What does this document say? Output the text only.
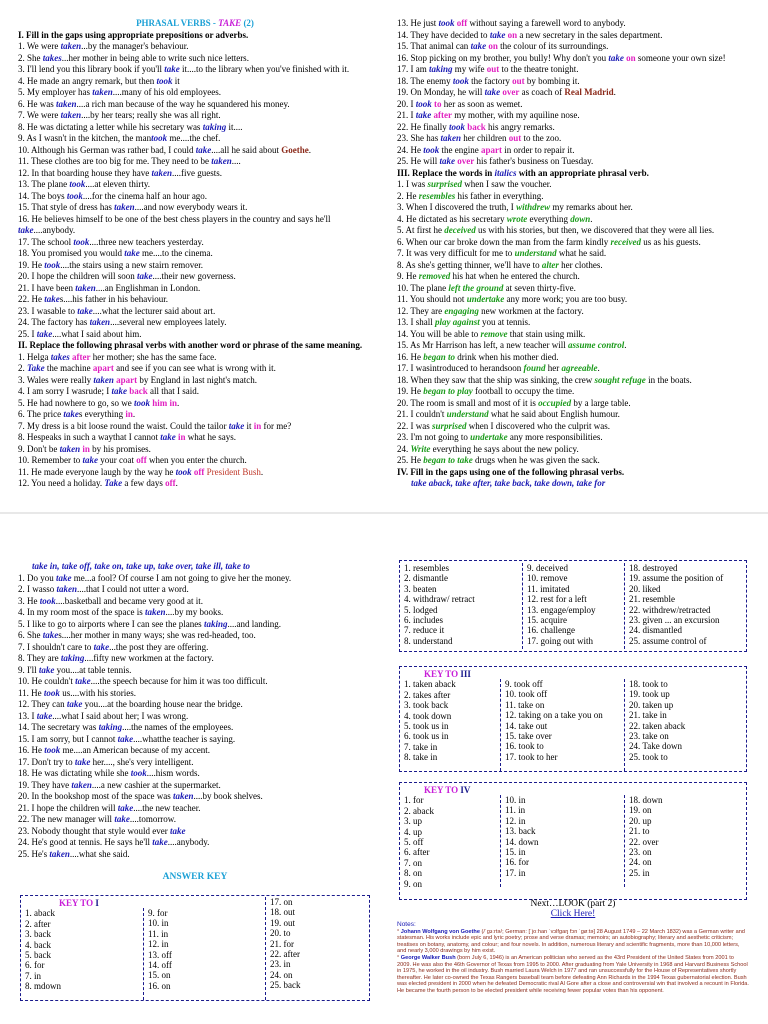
PHRASAL VERBS - TAKE (2)

I. Fill in the gaps using appropriate prepositions or adverbs.

1. We were taken...by the manager's behaviour.

2. She takes...her mother in being able to write such nice letters.

3. I'll lend you this library book if you'll take it....to the library when you've finished with it.

4. He made an angry remark, but then took it

5. My employer has taken....many of his old employees.

6. He was taken....a rich man because of the way he squandered his money.

7. We were taken....by her tears; really she was all right.

8. He was dictating a letter while his secretary was taking it....

9. As I wasn't in the kitchen, the mantook me....the chef.

10. Although his German was rather bad, I could take....all he said about Goethe.

11. These clothes are too big for me. They need to be taken....

12. In that boarding house they have taken....five guests.

13. The plane took....at eleven thirty.

14. The boys took....for the cinema half an hour ago.

15. That style of dress has taken....and now everybody wears it.

16. He believes himself to be one of the best chess players in the country and says he'll take....anybody.

17. The school took....three new teachers yesterday.

18. You promised you would take me....to the cinema.

19. He took....the stairs using a new stairn remover.

20. I hope the children will soon take....their new governess.

21. I have been taken....an Englishman in London.

22. He takes....his father in his behaviour.

23. I wasable to take....what the lecturer said about art.

24. The factory has taken....several new employees lately.

25. I take....what I said about him.

II. Replace the following phrasal verbs with another word or phrase of the same meaning.

1. Helga takes after her mother; she has the same face.

2. Take the machine apart and see if you can see what is wrong with it.

3. Wales were really taken apart by England in last night's match.

4. I am sorry I wasrude; I take back all that I said.

5. He had nowhere to go, so we took him in.

6. The price takes everything in.

7. My dress is a bit loose round the waist. Could the tailor take it in for me?

8. Hespeaks in such a waythat I cannot take in what he says.

9. Don't be taken in by his promises.

10. Remember to take your coat off when you enter the church.

11. He made everyone laugh by the way he took off President Bush.

12. You need a holiday. Take a few days off.

13. He just took off without saying a farewell word to anybody.

14. They have decided to take on a new secretary in the sales department.

15. That animal can take on the colour of its surroundings.

16. Stop picking on my brother, you bully! Why don't you take on someone your own size!

17. I am taking my wife out to the theatre tonight.

18. The enemy took the factory out by bombing it.

19. On Monday, he will take over as coach of Real Madrid.

20. I took to her as soon as wemet.

21. I take after my mother, with my aquiline nose.

22. He finally took back his angry remarks.

23. She has taken her children out to the zoo.

24. He took the engine apart in order to repair it.

25. He will take over his father's business on Tuesday.

III. Replace the words in italics with an appropriate phrasal verb.

1. I was surprised when I saw the voucher.

2. He resembles his father in everything.

3. When I discovered the truth, I withdrew my remarks about her.

4. He dictated as his secretary wrote everything down.

5. At first he deceived us with his stories, but then, we discovered that they were all lies.

6. When our car broke down the man from the farm kindly received us as his guests.

7. It was very difficult for me to understand what he said.

8. As she's getting thinner, we'll have to alter her clothes.

9. He removed his hat when he entered the church.

10. The plane left the ground at seven thirty-five.

11. You should not undertake any more work; you are too busy.

12. They are engaging new workmen at the factory.

13. I shall play against you at tennis.

14. You will be able to remove that stain using milk.

15. As Mr Harrison has left, a new teacher will assume control.

16. He began to drink when his mother died.

17. I wasintroduced to herandsoon found her agreeable.

18. When they saw that the ship was sinking, the crew sought refuge in the boats.

19. He began to play football to occupy the time.

20. The room is small and most of it is occupied by a large table.

21. I couldn't understand what he said about English humour.

22. I was surprised when I discovered who the culprit was.

23. I'm not going to undertake any more responsibilities.

24. Write everything he says about the new policy.

25. He began to take drugs when he was given the sack.

IV. Fill in the gaps using one of the following phrasal verbs.

take aback, take after, take back, take down, take for

take in, take off, take on, take up, take over, take ill, take to

1. Do you take me...a fool? Of course I am not going to give her the money.

2. I wasso taken....that I could not utter a word.

3. He took....basketball and became very good at it.

4. In my room most of the space is taken....by my books.

5. I like to go to airports where I can see the planes taking....and landing.

6. She takes....her mother in many ways; she was red-headed, too.

7. I shouldn't care to take...the post they are offering.

8. They are taking....fifty new workmen at the factory.

9. I'll take you....at table tennis.

10. He couldn't take....the speech because for him it was too difficult.

11. He took us....with his stories.

12. They can take you....at the boarding house near the bridge.

13. I take....what I said about her; I was wrong.

14. The secretary was taking....the names of the employees.

15. I am sorry, but I cannot take....whatthe teacher is saying.

16. He took me....an American because of my accent.

17. Don't try to take her...., she's very intelligent.

18. He was dictating while she took....hism words.

19. They have taken....a new cashier at the supermarket.

20. In the bookshop most of the space was taken....by book shelves.

21. I hope the children will take....the new teacher.

22. The new manager will take....tomorrow.

23. Nobody thought that style would ever take

24. He's good at tennis. He says he'll take....anybody.

25. He's taken....what she said.

ANSWER KEY

KEY TO I

1. aback

2. after

3. back

4. back

5. back

6. for

7. in

8. mdown

9. for

10. in

11. in

12. in

13. off

14. off

15. on

16. on

17. on

18. out

19. out

20. to

21. for

22. after

23. in

24. on

25. back

1. resembles

2. dismantle

3. beaten

4. withdraw/ retract

5. lodged

6. includes

7. reduce it

8. understand

9. deceived

10. remove

11. imitated

12. rest for a left

13. engage/employ

15. acquire

16. challenge

17. going out with

18. destroyed

19. assume the position of

20. liked

21. resemble

22. withdrew/retracted

23. given ... an excursion

24. dismantled

25. assume control of

KEY TO III

1. taken aback

2. takes after

3. took back

4. took down

5. took us in

6. took us in

7. take in

8. take in

9. took off

10. took off

11. take on

12. taking on a take you on

14. take out

15. take over

16. took to

17. took to her

18. took to

19. took up

20. taken up

21. take in

22. taken aback

23. take on

24. Take down

25. took to

KEY TO IV

1. for

2. aback

3. up

4. up

5. off

6. after

7. on

8. on

9. on

10. in

11. in

12. in

13. back

14. down

15. in

16. for

17. in

18. down

19. on

20. up

21. to

22. over

23. on

24. on

25. in

Next…LOOK (part 2)
Click Here!

Notes:

° Johann Wolfgang von Goethe (/ˈɡɜːrtə/; German: [ˈjoːhan ˈvɔlfɡaŋ fɔn ˈɡøːtə] 28 August 1749 – 22 March 1832) was a German writer and statesman. His works include epic and lyric poetry; prose and verse dramas; memoirs; an autobiography; literary and aesthetic criticism; treatises on botany, anatomy, and colour; and four novels. In addition, numerous literary and scientific fragments, more than 10,000 letters, and nearly 3,000 drawings by him exist.

° George Walker Bush (born July 6, 1946) is an American politician who served as the 43rd President of the United States from 2001 to 2009. He was also the 46th Governor of Texas from 1995 to 2000. After graduating from Yale University in 1968 and Harvard Business School in 1975, he worked in the oil industry. Bush married Laura Welch in 1977 and ran unsuccessfully for the House of Representatives shortly thereafter. He later co-owned the Texas Rangers baseball team before defeating Ann Richards in the 1994 Texas gubernatorial election. Bush was elected president in 2000 when he defeated Democratic rival Al Gore after a close and controversial win that involved a recount in Florida. He became the fourth person to be elected president while receiving fewer popular votes than his opponent.
